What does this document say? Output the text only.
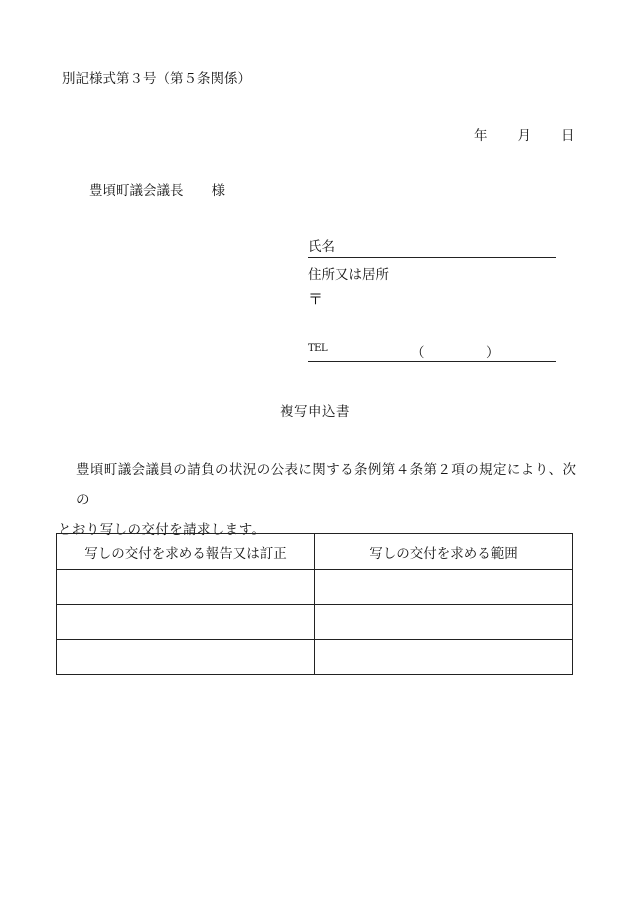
別記様式第３号（第５条関係）
年 月 日
豊頃町議会議長 様
氏名
住所又は居所
〒
TEL	（	）
複写申込書
豊頃町議会議員の請負の状況の公表に関する条例第４条第２項の規定により、次の
とおり写しの交付を請求します。
写しの交付を求める報告又は訂正	写しの交付を求める範囲
